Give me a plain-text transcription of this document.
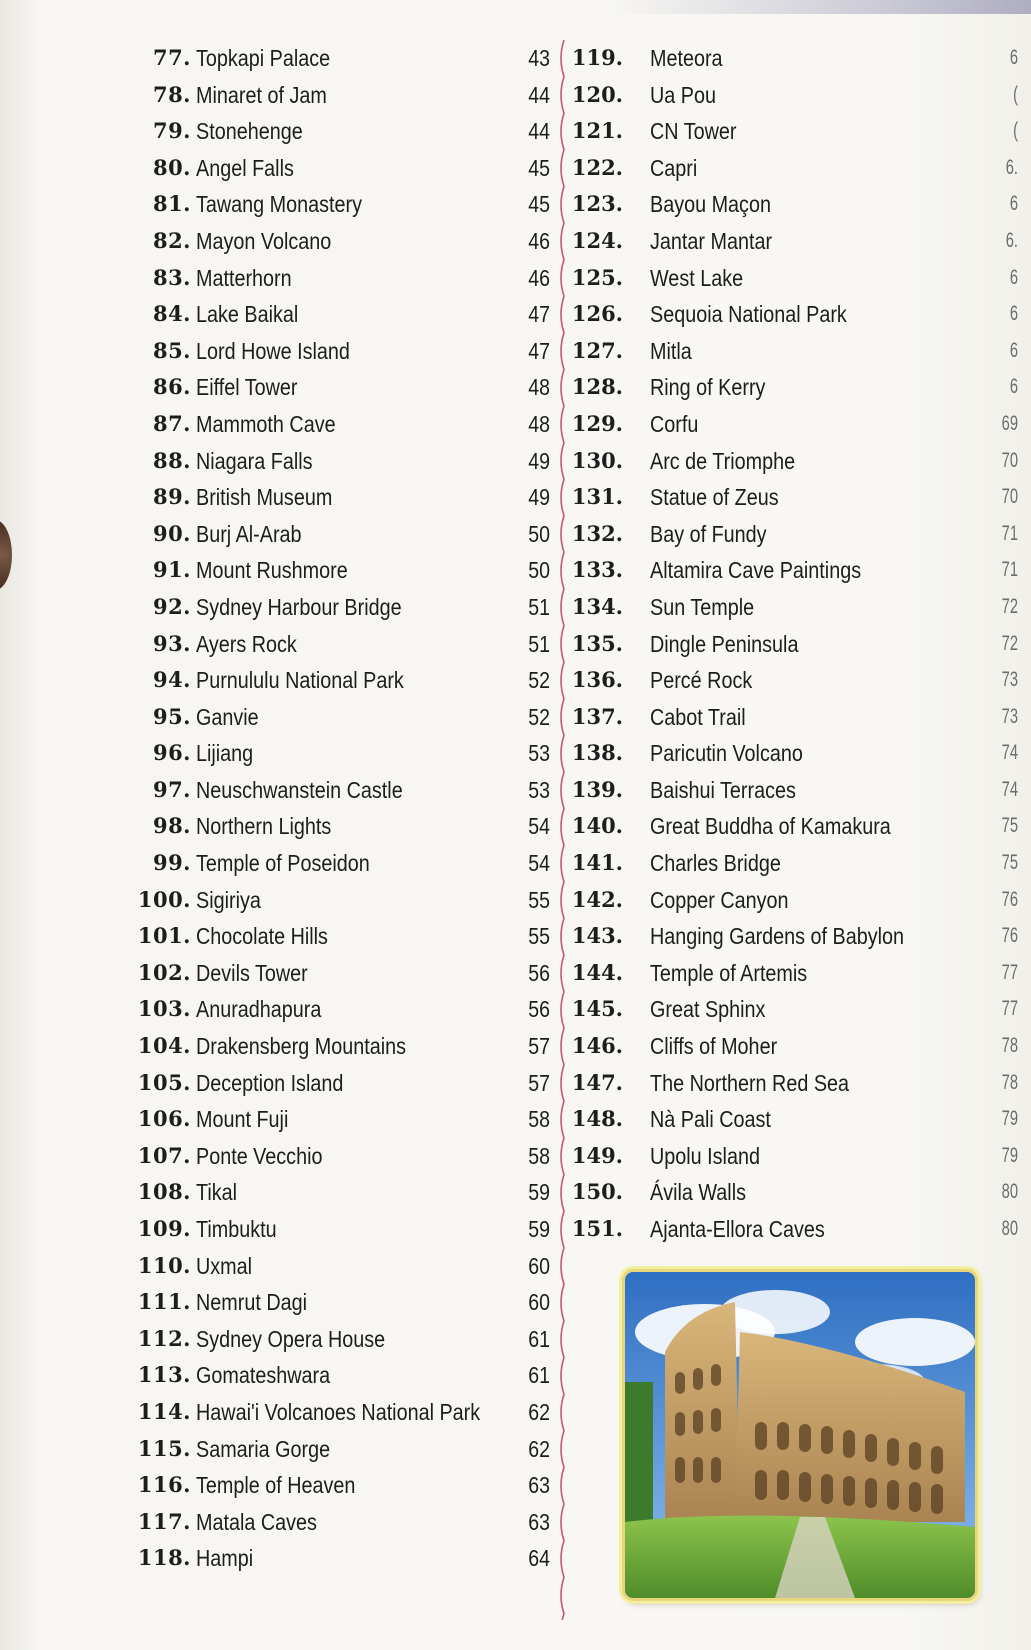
77. Topkapi Palace	43
78. Minaret of Jam	44
79. Stonehenge	44
80. Angel Falls	45
81. Tawang Monastery	45
82. Mayon Volcano	46
83. Matterhorn	46
84. Lake Baikal	47
85. Lord Howe Island	47
86. Eiffel Tower	48
87. Mammoth Cave	48
88. Niagara Falls	49
89. British Museum	49
90. Burj Al-Arab	50
91. Mount Rushmore	50
92. Sydney Harbour Bridge	51
93. Ayers Rock	51
94. Purnululu National Park	52
95. Ganvie	52
96. Lijiang	53
97. Neuschwanstein Castle	53
98. Northern Lights	54
99. Temple of Poseidon	54
100. Sigiriya	55
101. Chocolate Hills	55
102. Devils Tower	56
103. Anuradhapura	56
104. Drakensberg Mountains	57
105. Deception Island	57
106. Mount Fuji	58
107. Ponte Vecchio	58
108. Tikal	59
109. Timbuktu	59
110. Uxmal	60
111. Nemrut Dagi	60
112. Sydney Opera House	61
113. Gomateshwara	61
114. Hawai'i Volcanoes National Park	62
115. Samaria Gorge	62
116. Temple of Heaven	63
117. Matala Caves	63
118. Hampi	64
119. Meteora	6
120. Ua Pou	(
121. CN Tower	(
122. Capri	6.
123. Bayou Maçon	6
124. Jantar Mantar	6.
125. West Lake	6
126. Sequoia National Park	6
127. Mitla	6
128. Ring of Kerry	6
129. Corfu	69
130. Arc de Triomphe	70
131. Statue of Zeus	70
132. Bay of Fundy	71
133. Altamira Cave Paintings	71
134. Sun Temple	72
135. Dingle Peninsula	72
136. Percé Rock	73
137. Cabot Trail	73
138. Paricutin Volcano	74
139. Baishui Terraces	74
140. Great Buddha of Kamakura	75
141. Charles Bridge	75
142. Copper Canyon	76
143. Hanging Gardens of Babylon	76
144. Temple of Artemis	77
145. Great Sphinx	77
146. Cliffs of Moher	78
147. The Northern Red Sea	78
148. Nà Pali Coast	79
149. Upolu Island	79
150. Ávila Walls	80
151. Ajanta-Ellora Caves	80
